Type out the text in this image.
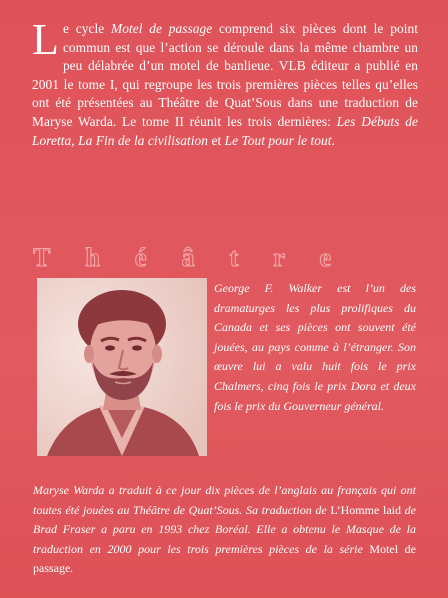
Le cycle Motel de passage comprend six pièces dont le point commun est que l’action se déroule dans la même chambre un peu délabrée d’un motel de banlieue. VLB éditeur a publié en 2001 le tome I, qui regroupe les trois premières pièces telles qu’elles ont été présentées au Théâtre de Quat’Sous dans une traduction de Maryse Warda. Le tome II réunit les trois dernières: Les Débuts de Loretta, La Fin de la civilisation et Le Tout pour le tout.
Théâtre
George F. Walker est l’un des dramaturges les plus prolifiques du Canada et ses pièces ont souvent été jouées, au pays comme à l’étranger. Son œuvre lui a valu huit fois le prix Chalmers, cinq fois le prix Dora et deux fois le prix du Gouverneur général.
Maryse Warda a traduit à ce jour dix pièces de l’anglais au français qui ont toutes été jouées au Théâtre de Quat’Sous. Sa traduction de L’Homme laid de Brad Fraser a paru en 1993 chez Boréal. Elle a obtenu le Masque de la traduction en 2000 pour les trois premières pièces de la série Motel de passage.
